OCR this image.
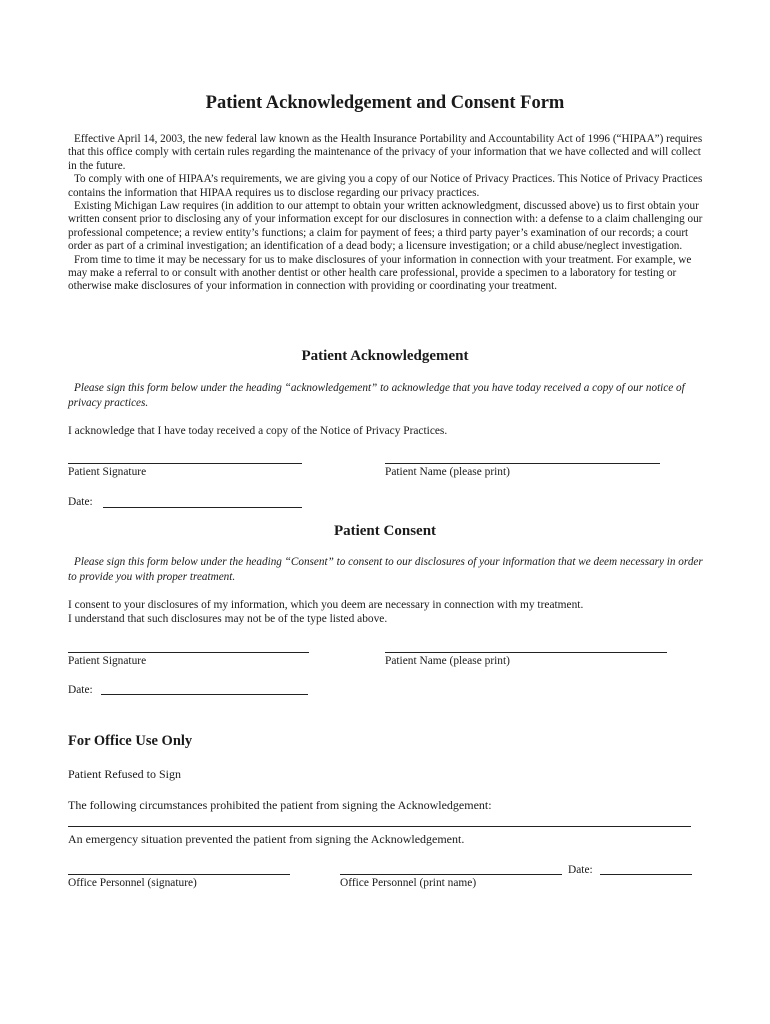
Patient Acknowledgement and Consent Form

Effective April 14, 2003, the new federal law known as the Health Insurance Portability and Accountability Act of 1996 (“HIPAA”) requires that this office comply with certain rules regarding the maintenance of the privacy of your information that we have collected and will collect in the future.

To comply with one of HIPAA’s requirements, we are giving you a copy of our Notice of Privacy Practices. This Notice of Privacy Practices contains the information that HIPAA requires us to disclose regarding our privacy practices.

Existing Michigan Law requires (in addition to our attempt to obtain your written acknowledgment, discussed above) us to first obtain your written consent prior to disclosing any of your information except for our disclosures in connection with: a defense to a claim challenging our professional competence; a review entity’s functions; a claim for payment of fees; a third party payer’s examination of our records; a court order as part of a criminal investigation; an identification of a dead body; a licensure investigation; or a child abuse/neglect investigation.

From time to time it may be necessary for us to make disclosures of your information in connection with your treatment. For example, we may make a referral to or consult with another dentist or other health care professional, provide a specimen to a laboratory for testing or otherwise make disclosures of your information in connection with providing or coordinating your treatment.

Patient Acknowledgement
Please sign this form below under the heading “acknowledgement” to acknowledge that you have today received a copy of our notice of privacy practices.
I acknowledge that I have today received a copy of the Notice of Privacy Practices.
Patient Signature	Patient Name (please print)
Date:
Patient Consent
Please sign this form below under the heading “Consent” to consent to our disclosures of your information that we deem necessary in order to provide you with proper treatment.
I consent to your disclosures of my information, which you deem are necessary in connection with my treatment.
I understand that such disclosures may not be of the type listed above.
Patient Signature	Patient Name (please print)
Date:
For Office Use Only
Patient Refused to Sign
The following circumstances prohibited the patient from signing the Acknowledgement:
An emergency situation prevented the patient from signing the Acknowledgement.
Office Personnel (signature)	Office Personnel (print name)
Date:
